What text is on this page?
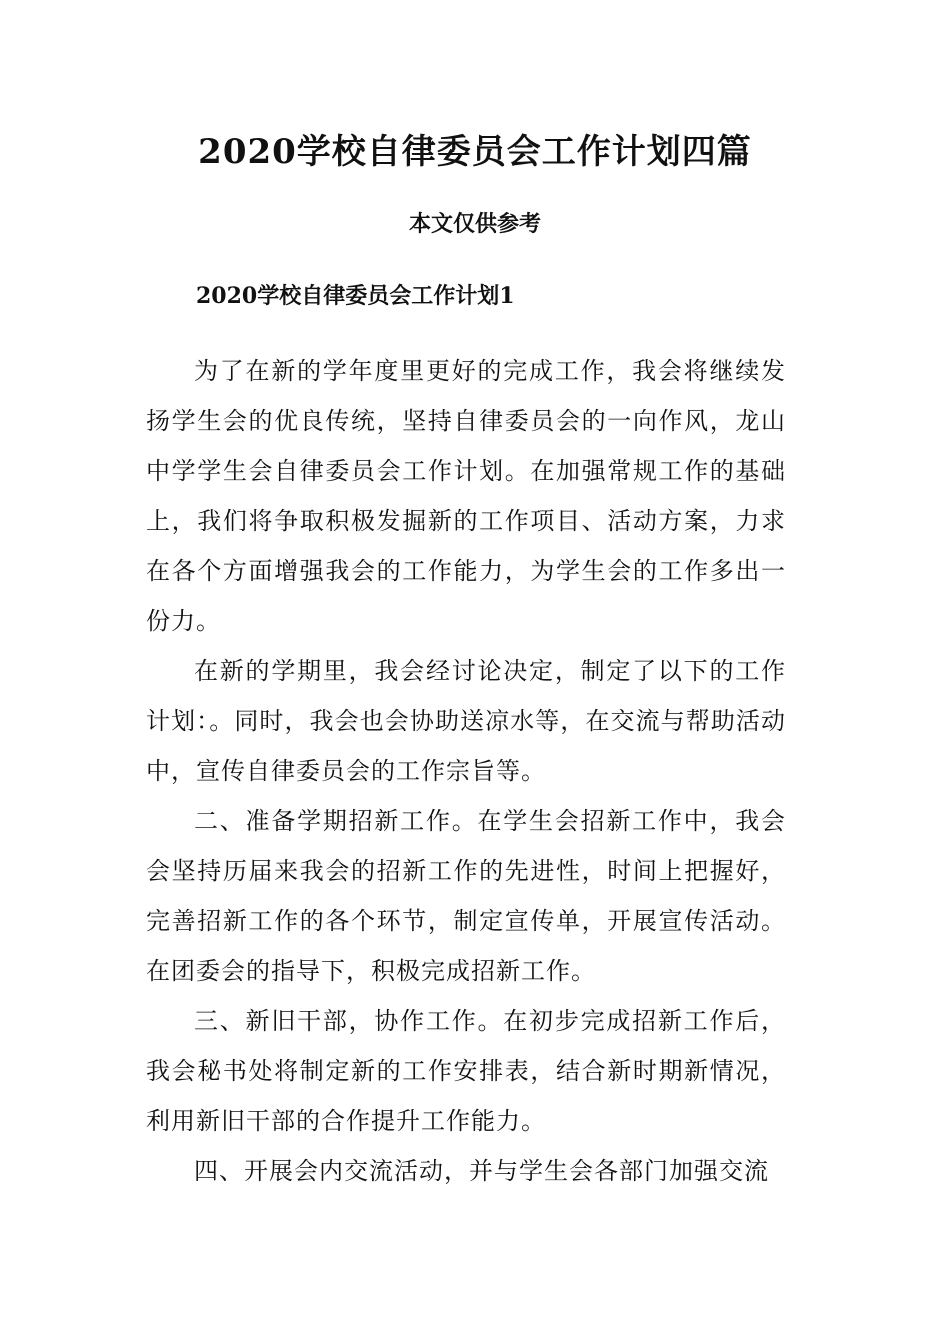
2020学校自律委员会工作计划四篇
本文仅供参考
2020学校自律委员会工作计划1

为了在新的学年度里更好的完成工作，我会将继续发扬学生会的优良传统，坚持自律委员会的一向作风，龙山中学学生会自律委员会工作计划。在加强常规工作的基础上，我们将争取积极发掘新的工作项目、活动方案，力求在各个方面增强我会的工作能力，为学生会的工作多出一份力。

在新的学期里，我会经讨论决定，制定了以下的工作计划：。同时，我会也会协助送凉水等，在交流与帮助活动中，宣传自律委员会的工作宗旨等。

二、准备学期招新工作。在学生会招新工作中，我会会坚持历届来我会的招新工作的先进性，时间上把握好，完善招新工作的各个环节，制定宣传单，开展宣传活动。在团委会的指导下，积极完成招新工作。

三、新旧干部，协作工作。在初步完成招新工作后，我会秘书处将制定新的工作安排表，结合新时期新情况，利用新旧干部的合作提升工作能力。

四、开展会内交流活动，并与学生会各部门加强交流
